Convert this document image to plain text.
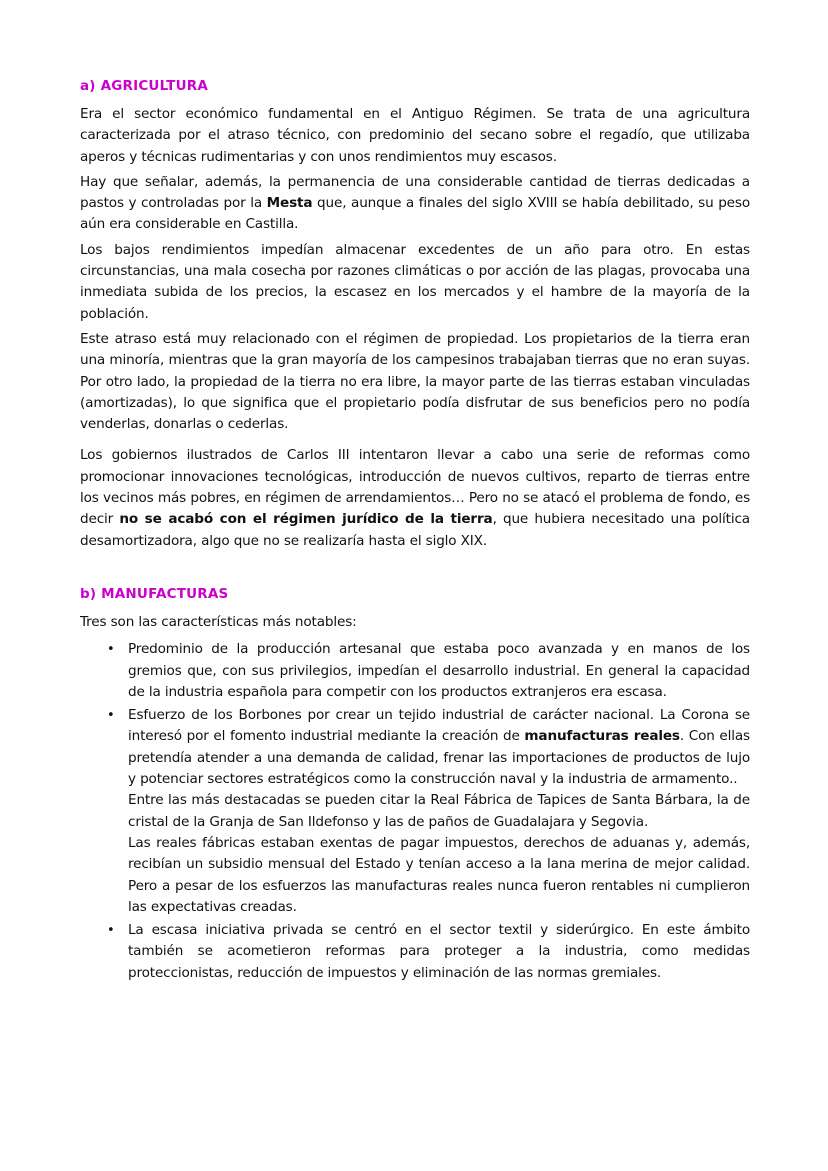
a) AGRICULTURA

Era el sector económico fundamental en el Antiguo Régimen. Se trata de una agricultura caracterizada por el atraso técnico, con predominio del secano sobre el regadío, que utilizaba aperos y técnicas rudimentarias y con unos rendimientos muy escasos.

Hay que señalar, además, la permanencia de una considerable cantidad de tierras dedicadas a pastos y controladas por la Mesta que, aunque a finales del siglo XVIII se había debilitado, su peso aún era considerable en Castilla.

Los bajos rendimientos impedían almacenar excedentes de un año para otro. En estas circunstancias, una mala cosecha por razones climáticas o por acción de las plagas, provocaba una inmediata subida de los precios, la escasez en los mercados y el hambre de la mayoría de la población.

Este atraso está muy relacionado con el régimen de propiedad. Los propietarios de la tierra eran una minoría, mientras que la gran mayoría de los campesinos trabajaban tierras que no eran suyas. Por otro lado, la propiedad de la tierra no era libre, la mayor parte de las tierras estaban vinculadas (amortizadas), lo que significa que el propietario podía disfrutar de sus beneficios pero no podía venderlas, donarlas o cederlas.

Los gobiernos ilustrados de Carlos III intentaron llevar a cabo una serie de reformas como promocionar innovaciones tecnológicas, introducción de nuevos cultivos, reparto de tierras entre los vecinos más pobres, en régimen de arrendamientos… Pero no se atacó el problema de fondo, es decir no se acabó con el régimen jurídico de la tierra, que hubiera necesitado una política desamortizadora, algo que no se realizaría hasta el siglo XIX.

b) MANUFACTURAS

Tres son las características más notables:

• Predominio de la producción artesanal que estaba poco avanzada y en manos de los gremios que, con sus privilegios, impedían el desarrollo industrial. En general la capacidad de la industria española para competir con los productos extranjeros era escasa.

• Esfuerzo de los Borbones por crear un tejido industrial de carácter nacional. La Corona se interesó por el fomento industrial mediante la creación de manufacturas reales. Con ellas pretendía atender a una demanda de calidad, frenar las importaciones de productos de lujo y potenciar sectores estratégicos como la construcción naval y la industria de armamento..

Entre las más destacadas se pueden citar la Real Fábrica de Tapices de Santa Bárbara, la de cristal de la Granja de San Ildefonso y las de paños de Guadalajara y Segovia.

Las reales fábricas estaban exentas de pagar impuestos, derechos de aduanas y, además, recibían un subsidio mensual del Estado y tenían acceso a la lana merina de mejor calidad. Pero a pesar de los esfuerzos las manufacturas reales nunca fueron rentables ni cumplieron las expectativas creadas.

• La escasa iniciativa privada se centró en el sector textil y siderúrgico. En este ámbito también se acometieron reformas para proteger a la industria, como medidas proteccionistas, reducción de impuestos y eliminación de las normas gremiales.
